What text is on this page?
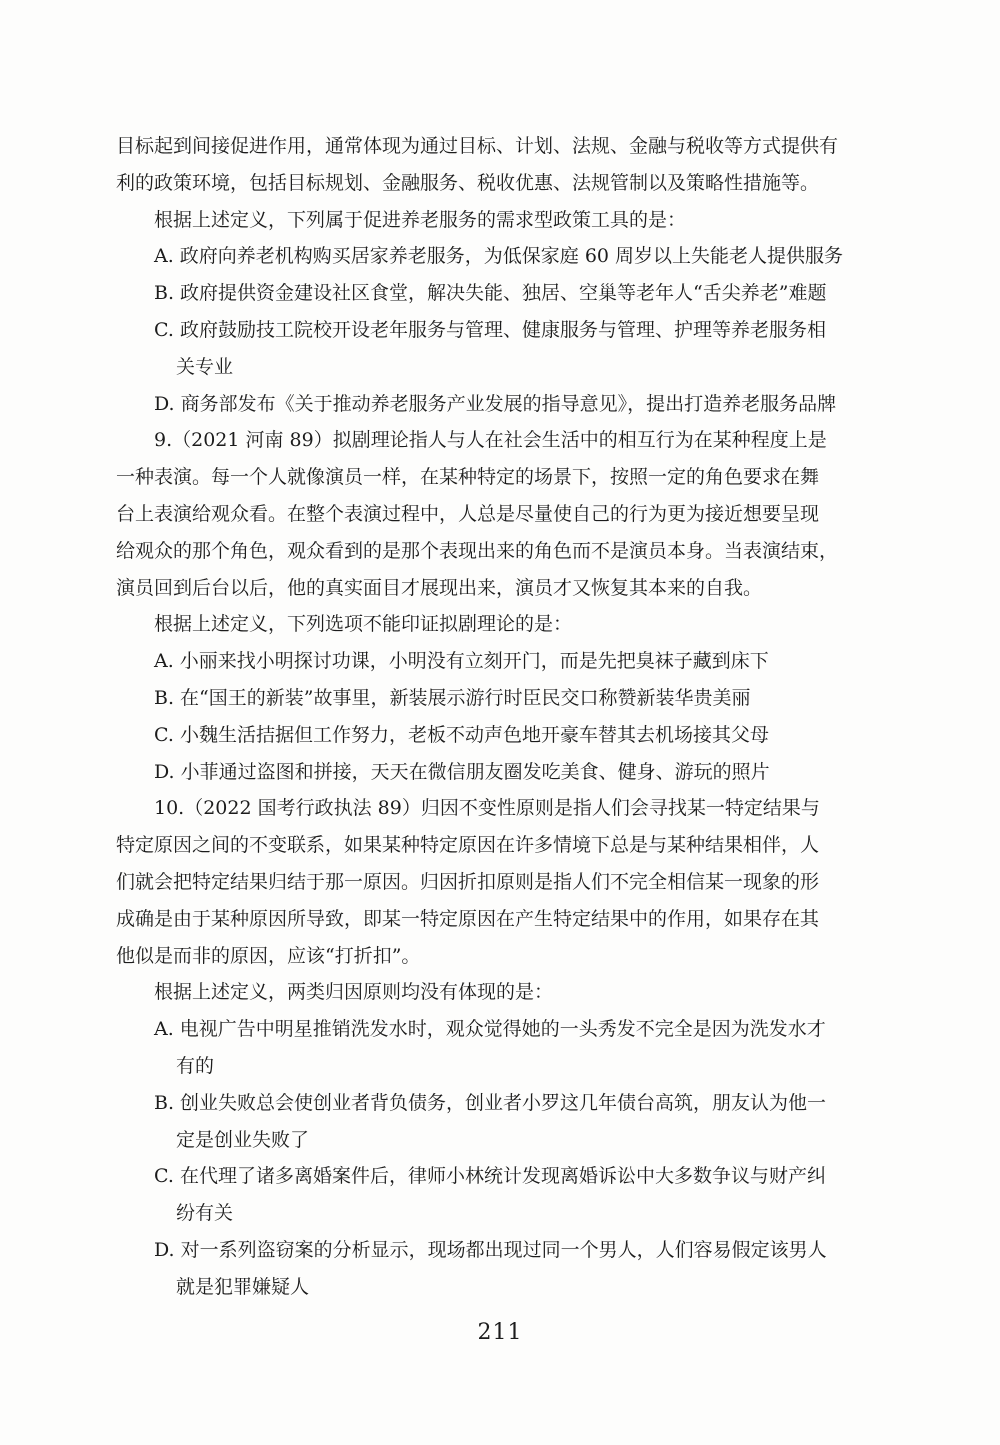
目标起到间接促进作用，通常体现为通过目标、计划、法规、金融与税收等方式提供有
利的政策环境，包括目标规划、金融服务、税收优惠、法规管制以及策略性措施等。
根据上述定义，下列属于促进养老服务的需求型政策工具的是：
A. 政府向养老机构购买居家养老服务，为低保家庭 60 周岁以上失能老人提供服务
B. 政府提供资金建设社区食堂，解决失能、独居、空巢等老年人“舌尖养老”难题
C. 政府鼓励技工院校开设老年服务与管理、健康服务与管理、护理等养老服务相
关专业
D. 商务部发布《关于推动养老服务产业发展的指导意见》，提出打造养老服务品牌
9.（2021 河南 89）拟剧理论指人与人在社会生活中的相互行为在某种程度上是
一种表演。每一个人就像演员一样，在某种特定的场景下，按照一定的角色要求在舞
台上表演给观众看。在整个表演过程中，人总是尽量使自己的行为更为接近想要呈现
给观众的那个角色，观众看到的是那个表现出来的角色而不是演员本身。当表演结束，
演员回到后台以后，他的真实面目才展现出来，演员才又恢复其本来的自我。
根据上述定义，下列选项不能印证拟剧理论的是：
A. 小丽来找小明探讨功课，小明没有立刻开门，而是先把臭袜子藏到床下
B. 在“国王的新装”故事里，新装展示游行时臣民交口称赞新装华贵美丽
C. 小魏生活拮据但工作努力，老板不动声色地开豪车替其去机场接其父母
D. 小菲通过盗图和拼接，天天在微信朋友圈发吃美食、健身、游玩的照片
10.（2022 国考行政执法 89）归因不变性原则是指人们会寻找某一特定结果与
特定原因之间的不变联系，如果某种特定原因在许多情境下总是与某种结果相伴，人
们就会把特定结果归结于那一原因。归因折扣原则是指人们不完全相信某一现象的形
成确是由于某种原因所导致，即某一特定原因在产生特定结果中的作用，如果存在其
他似是而非的原因，应该“打折扣”。
根据上述定义，两类归因原则均没有体现的是：
A. 电视广告中明星推销洗发水时，观众觉得她的一头秀发不完全是因为洗发水才
有的
B. 创业失败总会使创业者背负债务，创业者小罗这几年债台高筑，朋友认为他一
定是创业失败了
C. 在代理了诸多离婚案件后，律师小林统计发现离婚诉讼中大多数争议与财产纠
纷有关
D. 对一系列盗窃案的分析显示，现场都出现过同一个男人，人们容易假定该男人
就是犯罪嫌疑人
211
